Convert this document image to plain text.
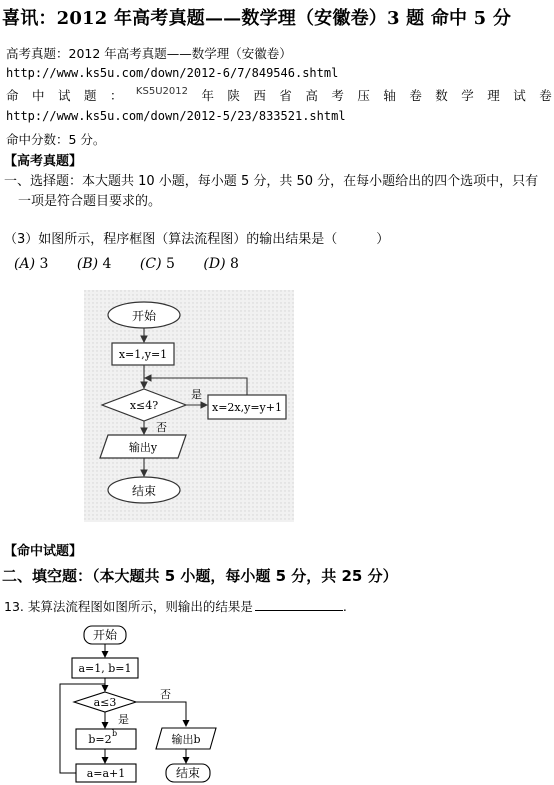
喜讯：2012 年高考真题——数学理（安徽卷）3 题 命中 5 分
高考真题：2012 年高考真题——数学理（安徽卷）
http://www.ks5u.com/down/2012-6/7/849546.shtml
命 中 试 题 ： KS5U2012 年 陕 西 省 高 考 压 轴 卷 数 学 理 试 卷
http://www.ks5u.com/down/2012-5/23/833521.shtml
命中分数：5 分。
【高考真题】
一、选择题：本大题共 10 小题，每小题 5 分，共 50 分，在每小题给出的四个选项中，只有
一项是符合题目要求的。
（3）如图所示，程序框图（算法流程图）的输出结果是（　　　）
(A) 3 (B) 4 (C) 5 (D) 8
开始
x=1,y=1
x≤4?
是
否
x=2x,y=y+1
输出y
结束
【命中试题】
二、填空题：（本大题共 5 小题，每小题 5 分，共 25 分）
13. 某算法流程图如图所示，则输出的结果是	.
开始
a=1, b=1
a≤3
是
否
b=2 b
a=a+1
输出b
结束
